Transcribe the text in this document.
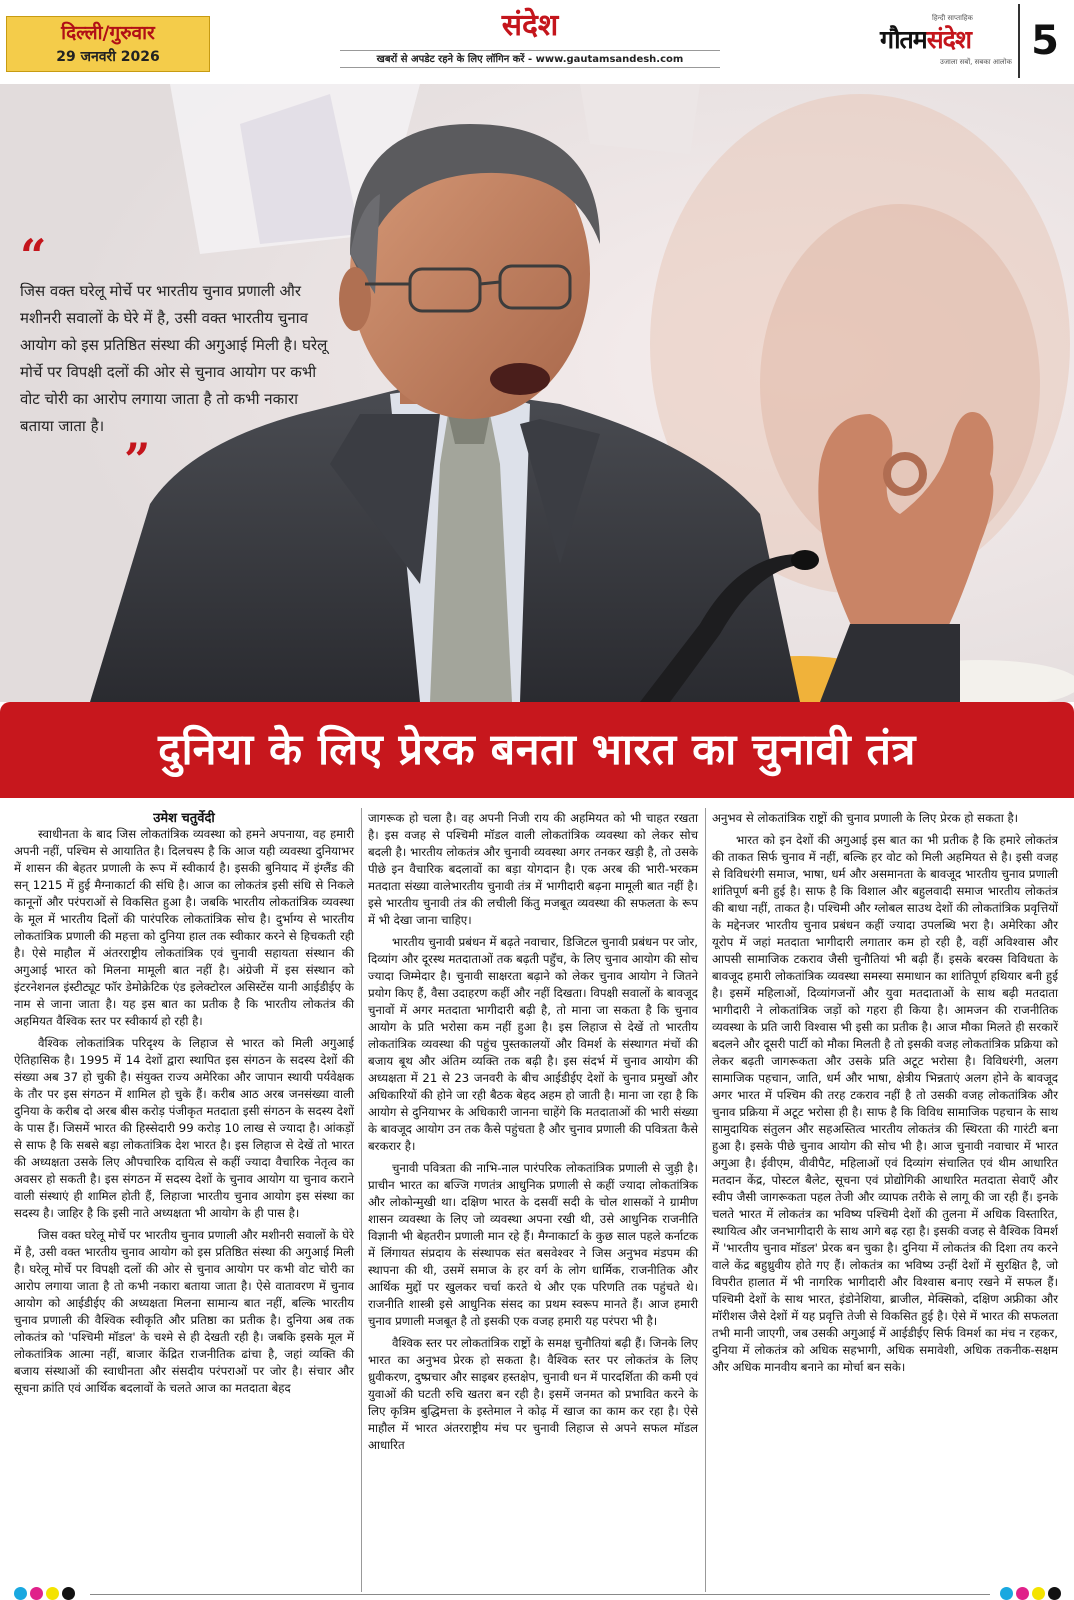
दिल्ली/गुरुवार
29 जनवरी 2026
संदेश
खबरों से अपडेट रहने के लिए लॉगिन करें - www.gautamsandesh.com
हिन्दी साप्ताहिक
गौतमसंदेश
उजाला सबों, सबका आलोक 5
“
जिस वक्त घरेलू मोर्चे पर भारतीय चुनाव प्रणाली और मशीनरी सवालों के घेरे में है, उसी वक्त भारतीय चुनाव आयोग को इस प्रतिष्ठित संस्था की अगुआई मिली है। घरेलू मोर्चे पर विपक्षी दलों की ओर से चुनाव आयोग पर कभी वोट चोरी का आरोप लगाया जाता है तो कभी नकारा बताया जाता है।
”
दुनिया के लिए प्रेरक बनता भारत का चुनावी तंत्र
उमेश चतुर्वेदी

स्वाधीनता के बाद जिस लोकतांत्रिक व्यवस्था को हमने अपनाया, वह हमारी अपनी नहीं, पश्चिम से आयातित है। दिलचस्प है कि आज यही व्यवस्था दुनियाभर में शासन की बेहतर प्रणाली के रूप में स्वीकार्य है। इसकी बुनियाद में इंग्लैंड की सन् 1215 में हुई मैग्नाकार्टा की संधि है। आज का लोकतंत्र इसी संधि से निकले कानूनों और परंपराओं से विकसित हुआ है। जबकि भारतीय लोकतांत्रिक व्यवस्था के मूल में भारतीय दिलों की पारंपरिक लोकतांत्रिक सोच है। दुर्भाग्य से भारतीय लोकतांत्रिक प्रणाली की महत्ता को दुनिया हाल तक स्वीकार करने से हिचकती रही है। ऐसे माहौल में अंतरराष्ट्रीय लोकतांत्रिक एवं चुनावी सहायता संस्थान की अगुआई भारत को मिलना मामूली बात नहीं है। अंग्रेजी में इस संस्थान को इंटरनेशनल इंस्टीट्यूट फॉर डेमोक्रेटिक एंड इलेक्टोरल असिस्टेंस यानी आईडीईए के नाम से जाना जाता है। यह इस बात का प्रतीक है कि भारतीय लोकतंत्र की अहमियत वैश्विक स्तर पर स्वीकार्य हो रही है।

वैश्विक लोकतांत्रिक परिदृश्य के लिहाज से भारत को मिली अगुआई ऐतिहासिक है। 1995 में 14 देशों द्वारा स्थापित इस संगठन के सदस्य देशों की संख्या अब 37 हो चुकी है। संयुक्त राज्य अमेरिका और जापान स्थायी पर्यवेक्षक के तौर पर इस संगठन में शामिल हो चुके हैं। करीब आठ अरब जनसंख्या वाली दुनिया के करीब दो अरब बीस करोड़ पंजीकृत मतदाता इसी संगठन के सदस्य देशों के पास हैं। जिसमें भारत की हिस्सेदारी 99 करोड़ 10 लाख से ज्यादा है। आंकड़ों से साफ है कि सबसे बड़ा लोकतांत्रिक देश भारत है। इस लिहाज से देखें तो भारत की अध्यक्षता उसके लिए औपचारिक दायित्व से कहीं ज्यादा वैचारिक नेतृत्व का अवसर हो सकती है। इस संगठन में सदस्य देशों के चुनाव आयोग या चुनाव कराने वाली संस्थाएं ही शामिल होती हैं, लिहाजा भारतीय चुनाव आयोग इस संस्था का सदस्य है। जाहिर है कि इसी नाते अध्यक्षता भी आयोग के ही पास है।

जिस वक्त घरेलू मोर्चे पर भारतीय चुनाव प्रणाली और मशीनरी सवालों के घेरे में है, उसी वक्त भारतीय चुनाव आयोग को इस प्रतिष्ठित संस्था की अगुआई मिली है। घरेलू मोर्चे पर विपक्षी दलों की ओर से चुनाव आयोग पर कभी वोट चोरी का आरोप लगाया जाता है तो कभी नकारा बताया जाता है। ऐसे वातावरण में चुनाव आयोग को आईडीईए की अध्यक्षता मिलना सामान्य बात नहीं, बल्कि भारतीय चुनाव प्रणाली की वैश्विक स्वीकृति और प्रतिष्ठा का प्रतीक है। दुनिया अब तक लोकतंत्र को 'पश्चिमी मॉडल' के चश्मे से ही देखती रही है। जबकि इसके मूल में लोकतांत्रिक आत्मा नहीं, बाजार केंद्रित राजनीतिक ढांचा है, जहां व्यक्ति की बजाय संस्थाओं की स्वाधीनता और संसदीय परंपराओं पर जोर है। संचार और सूचना क्रांति एवं आर्थिक बदलावों के चलते आज का मतदाता बेहद

जागरूक हो चला है। वह अपनी निजी राय की अहमियत को भी चाहत रखता है। इस वजह से पश्चिमी मॉडल वाली लोकतांत्रिक व्यवस्था को लेकर सोच बदली है। भारतीय लोकतंत्र और चुनावी व्यवस्था अगर तनकर खड़ी है, तो उसके पीछे इन वैचारिक बदलावों का बड़ा योगदान है। एक अरब की भारी-भरकम मतदाता संख्या वालेभारतीय चुनावी तंत्र में भागीदारी बढ़ना मामूली बात नहीं है। इसे भारतीय चुनावी तंत्र की लचीली किंतु मजबूत व्यवस्था की सफलता के रूप में भी देखा जाना चाहिए।

भारतीय चुनावी प्रबंधन में बढ़ते नवाचार, डिजिटल चुनावी प्रबंधन पर जोर, दिव्यांग और दूरस्थ मतदाताओं तक बढ़ती पहुँच, के लिए चुनाव आयोग की सोच ज्यादा जिम्मेदार है। चुनावी साक्षरता बढ़ाने को लेकर चुनाव आयोग ने जितने प्रयोग किए हैं, वैसा उदाहरण कहीं और नहीं दिखता। विपक्षी सवालों के बावजूद चुनावों में अगर मतदाता भागीदारी बढ़ी है, तो माना जा सकता है कि चुनाव आयोग के प्रति भरोसा कम नहीं हुआ है। इस लिहाज से देखें तो भारतीय लोकतांत्रिक व्यवस्था की पहुंच पुस्तकालयों और विमर्श के संस्थागत मंचों की बजाय बूथ और अंतिम व्यक्ति तक बढ़ी है। इस संदर्भ में चुनाव आयोग की अध्यक्षता में 21 से 23 जनवरी के बीच आईडीईए देशों के चुनाव प्रमुखों और अधिकारियों की होने जा रही बैठक बेहद अहम हो जाती है। माना जा रहा है कि आयोग से दुनियाभर के अधिकारी जानना चाहेंगे कि मतदाताओं की भारी संख्या के बावजूद आयोग उन तक कैसे पहुंचता है और चुनाव प्रणाली की पवित्रता कैसे बरकरार है।

चुनावी पवित्रता की नाभि-नाल पारंपरिक लोकतांत्रिक प्रणाली से जुड़ी है। प्राचीन भारत का बज्जि गणतंत्र आधुनिक प्रणाली से कहीं ज्यादा लोकतांत्रिक और लोकोन्मुखी था। दक्षिण भारत के दसवीं सदी के चोल शासकों ने ग्रामीण शासन व्यवस्था के लिए जो व्यवस्था अपना रखी थी, उसे आधुनिक राजनीति विज्ञानी भी बेहतरीन प्रणाली मान रहे हैं। मैग्नाकार्टा के कुछ साल पहले कर्नाटक में लिंगायत संप्रदाय के संस्थापक संत बसवेश्वर ने जिस अनुभव मंडपम की स्थापना की थी, उसमें समाज के हर वर्ग के लोग धार्मिक, राजनीतिक और आर्थिक मुद्दों पर खुलकर चर्चा करते थे और एक परिणति तक पहुंचते थे। राजनीति शास्त्री इसे आधुनिक संसद का प्रथम स्वरूप मानते हैं। आज हमारी चुनाव प्रणाली मजबूत है तो इसकी एक वजह हमारी यह परंपरा भी है।

वैश्विक स्तर पर लोकतांत्रिक राष्ट्रों के समक्ष चुनौतियां बढ़ी हैं। जिनके लिए भारत का अनुभव प्रेरक हो सकता है। वैश्विक स्तर पर लोकतंत्र के लिए ध्रुवीकरण, दुष्प्रचार और साइबर हस्तक्षेप, चुनावी धन में पारदर्शिता की कमी एवं युवाओं की घटती रुचि खतरा बन रही है। इसमें जनमत को प्रभावित करने के लिए कृत्रिम बुद्धिमत्ता के इस्तेमाल ने कोढ़ में खाज का काम कर रहा है। ऐसे माहौल में भारत अंतरराष्ट्रीय मंच पर चुनावी लिहाज से अपने सफल मॉडल आधारित

अनुभव से लोकतांत्रिक राष्ट्रों की चुनाव प्रणाली के लिए प्रेरक हो सकता है।

भारत को इन देशों की अगुआई इस बात का भी प्रतीक है कि हमारे लोकतंत्र की ताकत सिर्फ चुनाव में नहीं, बल्कि हर वोट को मिली अहमियत से है। इसी वजह से विविधरंगी समाज, भाषा, धर्म और असमानता के बावजूद भारतीय चुनाव प्रणाली शांतिपूर्ण बनी हुई है। साफ है कि विशाल और बहुलवादी समाज भारतीय लोकतंत्र की बाधा नहीं, ताकत है। पश्चिमी और ग्लोबल साउथ देशों की लोकतांत्रिक प्रवृत्तियों के मद्देनजर भारतीय चुनाव प्रबंधन कहीं ज्यादा उपलब्धि भरा है। अमेरिका और यूरोप में जहां मतदाता भागीदारी लगातार कम हो रही है, वहीं अविश्वास और आपसी सामाजिक टकराव जैसी चुनौतियां भी बढ़ी हैं। इसके बरक्स विविधता के बावजूद हमारी लोकतांत्रिक व्यवस्था समस्या समाधान का शांतिपूर्ण हथियार बनी हुई है। इसमें महिलाओं, दिव्यांगजनों और युवा मतदाताओं के साथ बढ़ी मतदाता भागीदारी ने लोकतांत्रिक जड़ों को गहरा ही किया है। आमजन की राजनीतिक व्यवस्था के प्रति जारी विश्वास भी इसी का प्रतीक है। आज मौका मिलते ही सरकारें बदलने और दूसरी पार्टी को मौका मिलती है तो इसकी वजह लोकतांत्रिक प्रक्रिया को लेकर बढ़ती जागरूकता और उसके प्रति अटूट भरोसा है। विविधरंगी, अलग सामाजिक पहचान, जाति, धर्म और भाषा, क्षेत्रीय भिन्नताएं अलग होने के बावजूद अगर भारत में पश्चिम की तरह टकराव नहीं है तो उसकी वजह लोकतांत्रिक और चुनाव प्रक्रिया में अटूट भरोसा ही है। साफ है कि विविध सामाजिक पहचान के साथ सामुदायिक संतुलन और सहअस्तित्व भारतीय लोकतंत्र की स्थिरता की गारंटी बना हुआ है। इसके पीछे चुनाव आयोग की सोच भी है। आज चुनावी नवाचार में भारत अगुआ है। ईवीएम, वीवीपैट, महिलाओं एवं दिव्यांग संचालित एवं थीम आधारित मतदान केंद्र, पोस्टल बैलेट, सूचना एवं प्रोद्योगिकी आधारित मतदाता सेवाएँ और स्वीप जैसी जागरूकता पहल तेजी और व्यापक तरीके से लागू की जा रही हैं। इनके चलते भारत में लोकतंत्र का भविष्य पश्चिमी देशों की तुलना में अधिक विस्तारित, स्थायित्व और जनभागीदारी के साथ आगे बढ़ रहा है। इसकी वजह से वैश्विक विमर्श में 'भारतीय चुनाव मॉडल' प्रेरक बन चुका है। दुनिया में लोकतंत्र की दिशा तय करने वाले केंद्र बहुध्रुवीय होते गए हैं। लोकतंत्र का भविष्य उन्हीं देशों में सुरक्षित है, जो विपरीत हालात में भी नागरिक भागीदारी और विश्वास बनाए रखने में सफल हैं। पश्चिमी देशों के साथ भारत, इंडोनेशिया, ब्राजील, मेक्सिको, दक्षिण अफ्रीका और मॉरीशस जैसे देशों में यह प्रवृत्ति तेजी से विकसित हुई है। ऐसे में भारत की सफलता तभी मानी जाएगी, जब उसकी अगुआई में आईडीईए सिर्फ विमर्श का मंच न रहकर, दुनिया में लोकतंत्र को अधिक सहभागी, अधिक समावेशी, अधिक तकनीक-सक्षम और अधिक मानवीय बनाने का मोर्चा बन सके।
